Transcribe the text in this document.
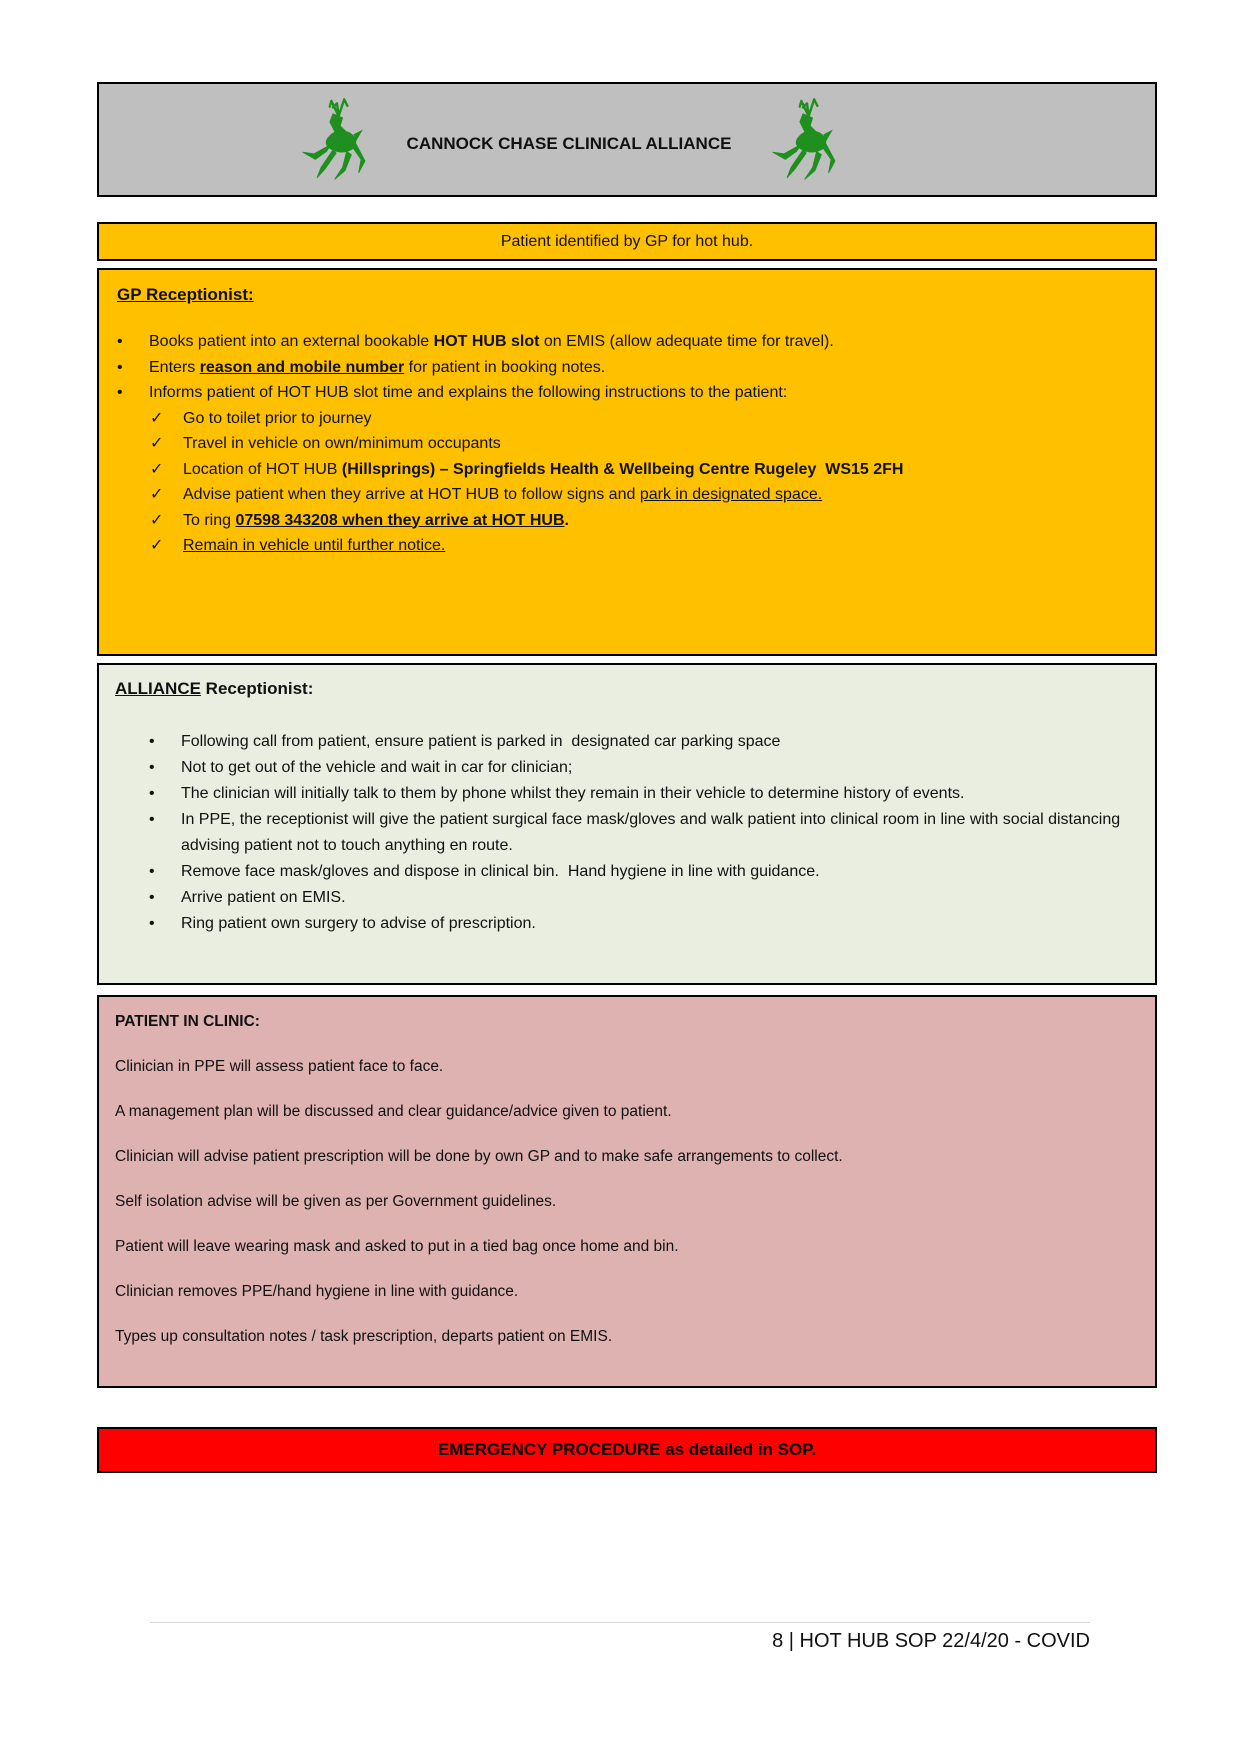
CANNOCK CHASE CLINICAL ALLIANCE

Patient identified by GP for hot hub.
GP Receptionist:
•	Books patient into an external bookable HOT HUB slot on EMIS (allow adequate time for travel).
•	Enters reason and mobile number for patient in booking notes.
•	Informs patient of HOT HUB slot time and explains the following instructions to the patient:
✓	Go to toilet prior to journey
✓	Travel in vehicle on own/minimum occupants
✓	Location of HOT HUB (Hillsprings) – Springfields Health & Wellbeing Centre Rugeley  WS15 2FH
✓	Advise patient when they arrive at HOT HUB to follow signs and park in designated space.
✓	To ring 07598 343208 when they arrive at HOT HUB.
✓	Remain in vehicle until further notice.
ALLIANCE Receptionist:
•	Following call from patient, ensure patient is parked in  designated car parking space
•	Not to get out of the vehicle and wait in car for clinician;
•	The clinician will initially talk to them by phone whilst they remain in their vehicle to determine history of events.
•	In PPE, the receptionist will give the patient surgical face mask/gloves and walk patient into clinical room in line with social distancing advising patient not to touch anything en route.
•	Remove face mask/gloves and dispose in clinical bin.  Hand hygiene in line with guidance.
•	Arrive patient on EMIS.
•	Ring patient own surgery to advise of prescription.
PATIENT IN CLINIC:

Clinician in PPE will assess patient face to face.

A management plan will be discussed and clear guidance/advice given to patient.

Clinician will advise patient prescription will be done by own GP and to make safe arrangements to collect.

Self isolation advise will be given as per Government guidelines.

Patient will leave wearing mask and asked to put in a tied bag once home and bin.

Clinician removes PPE/hand hygiene in line with guidance.

Types up consultation notes / task prescription, departs patient on EMIS.

EMERGENCY PROCEDURE as detailed in SOP.
8 | HOT HUB SOP 22/4/20 - COVID
